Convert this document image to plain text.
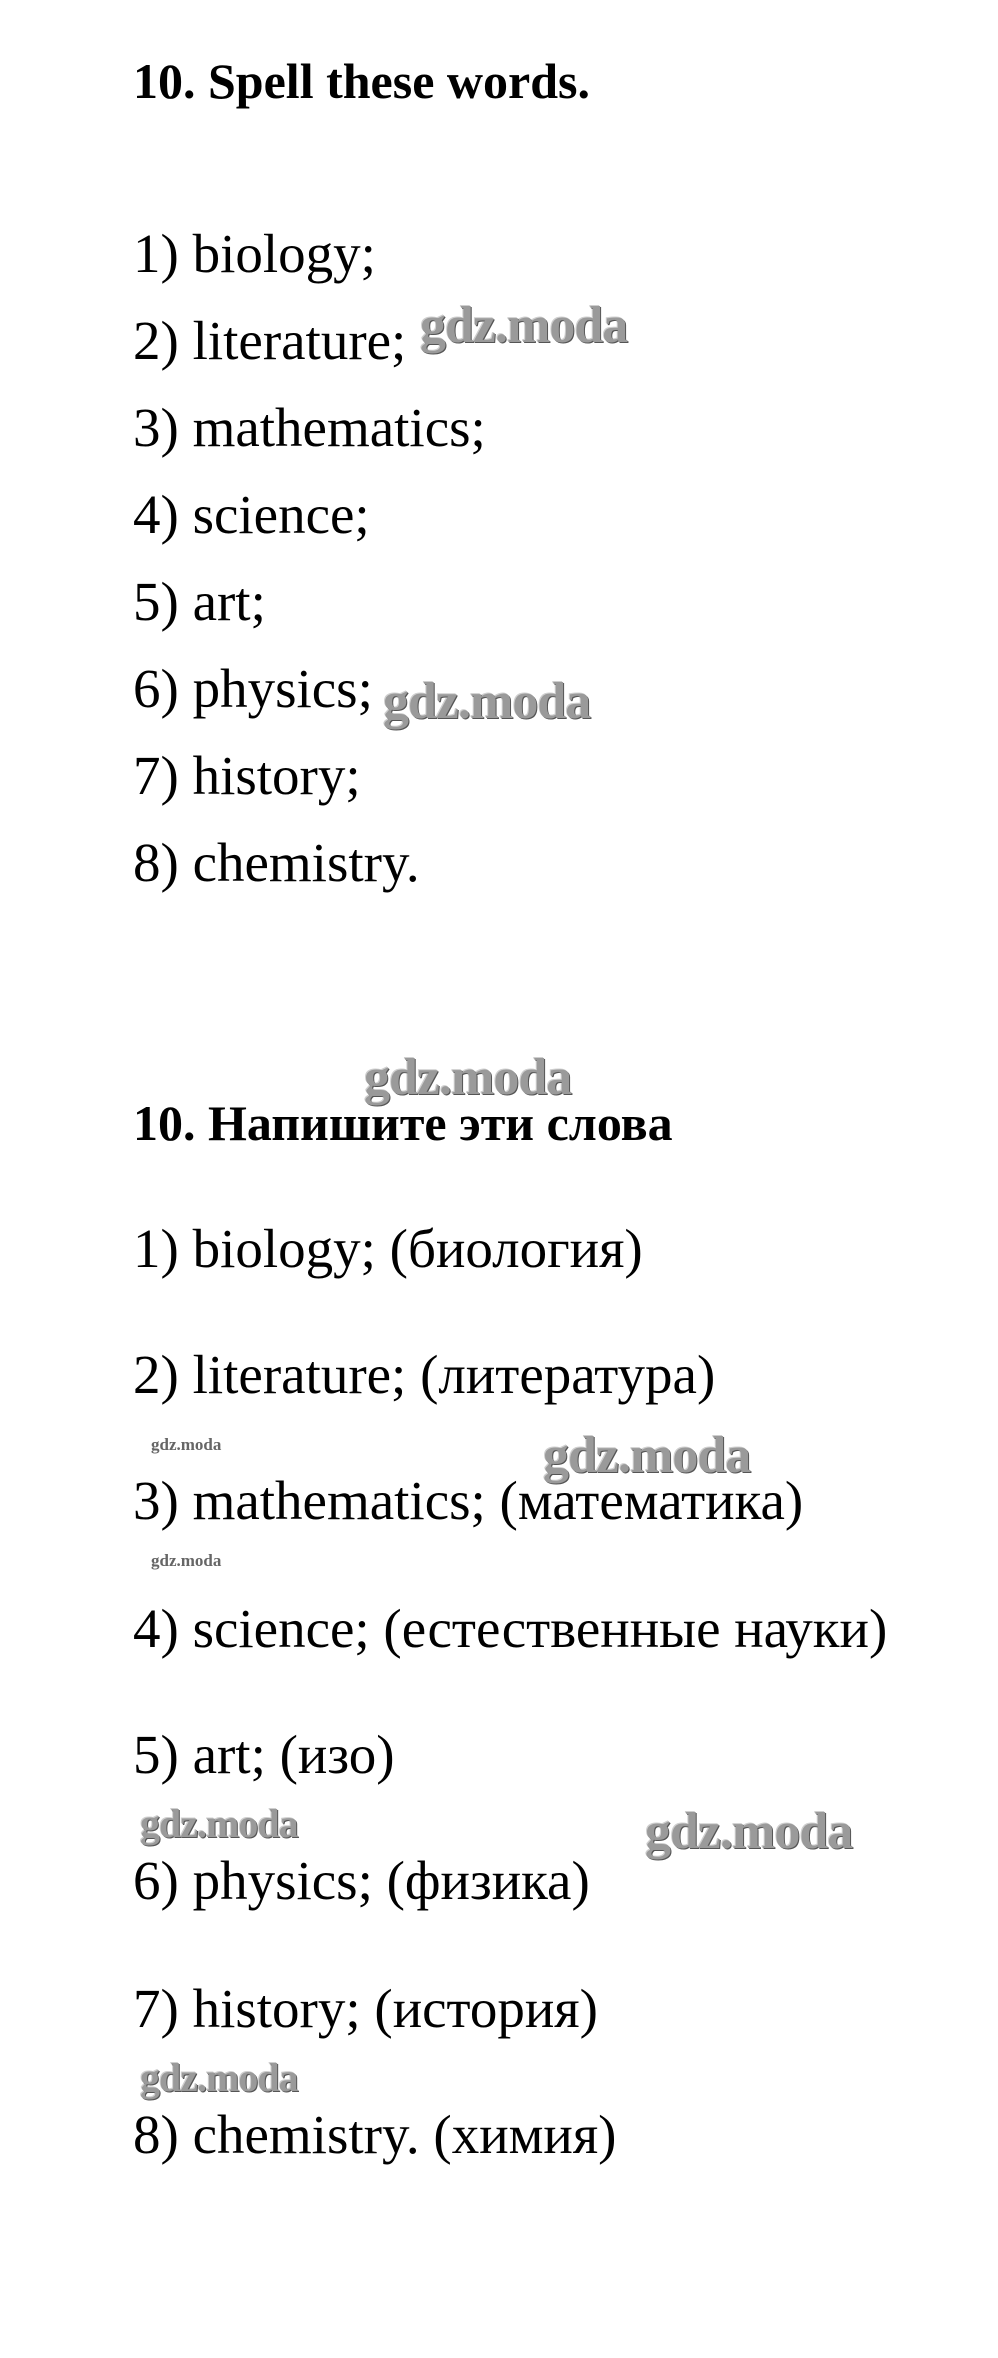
10. Spell these words.

1) biology;

2) literature;

3) mathematics;

4) science;

5) art;

6) physics;

7) history;

8) chemistry.

10. Напишите эти слова

1) biology; (биология)

2) literature; (литература)

3) mathematics; (математика)

4) science; (естественные науки)

5) art; (изо)

6) physics; (физика)

7) history; (история)

8) chemistry. (химия)

gdz.moda
gdz.moda
gdz.moda
gdz.moda	gdz.moda
gdz.moda
gdz.moda	gdz.moda
gdz.moda
